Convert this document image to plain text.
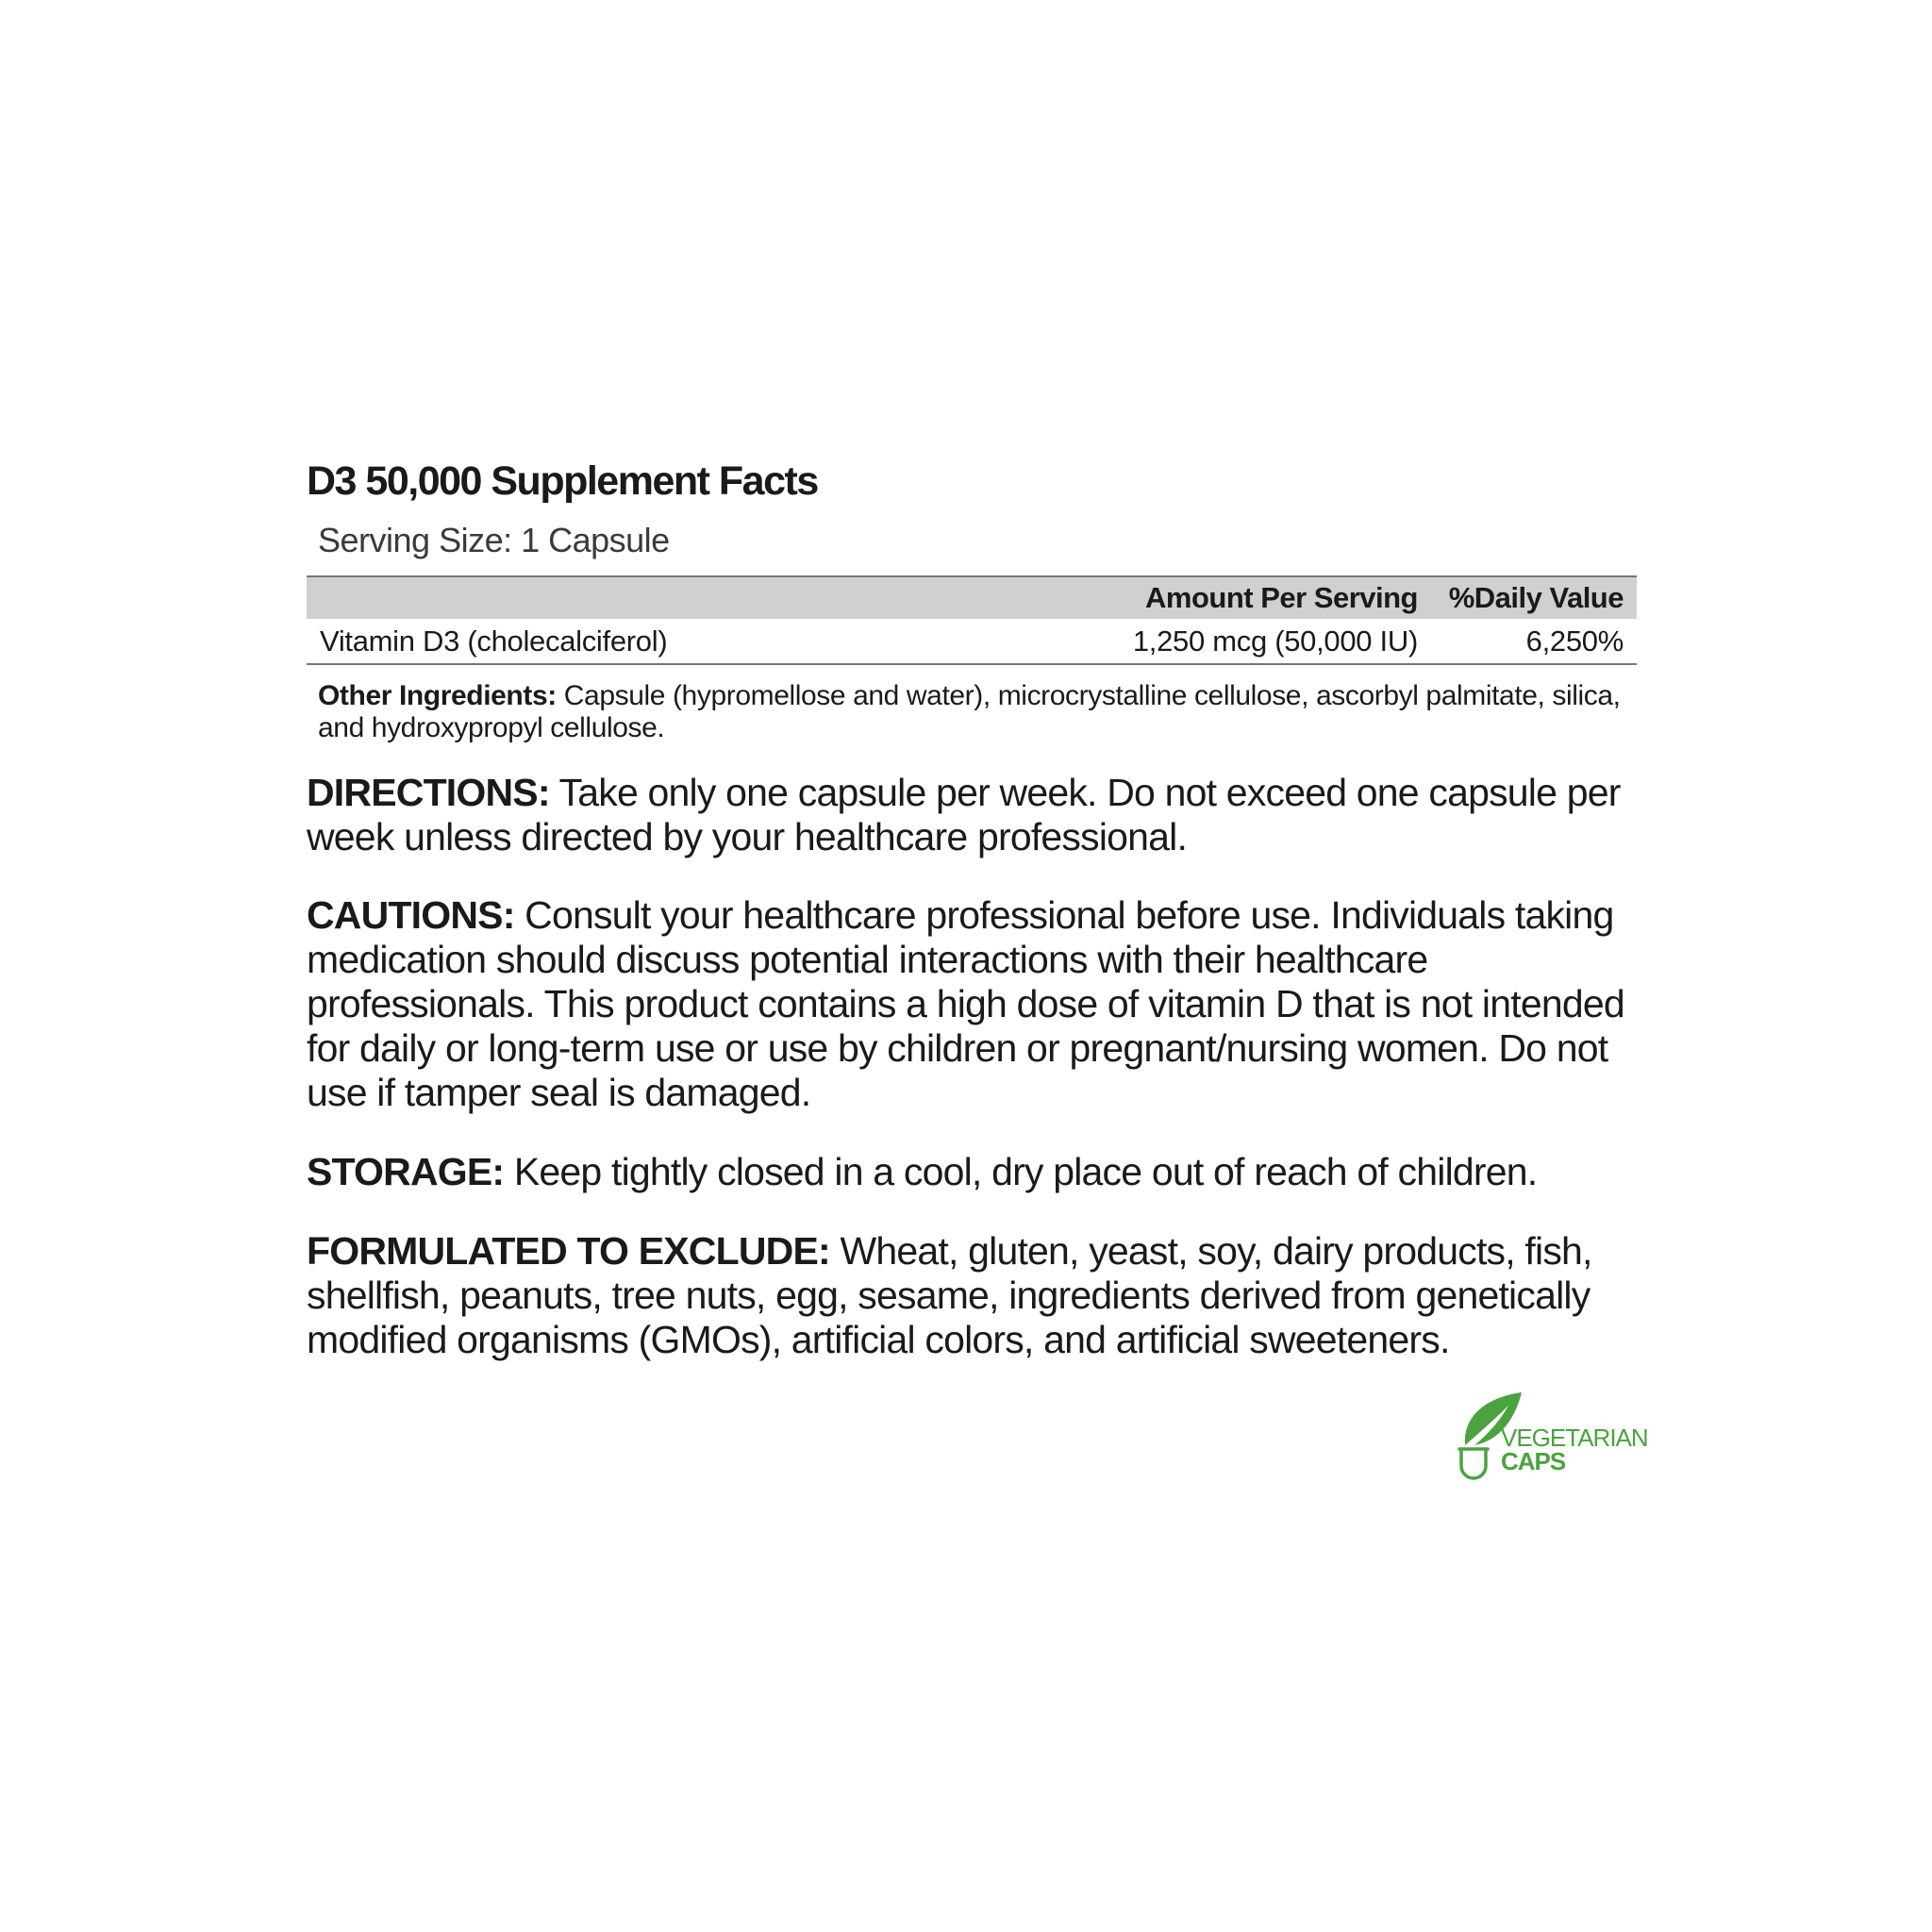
D3 50,000 Supplement Facts
Serving Size: 1 Capsule
	Amount Per Serving	%Daily Value
Vitamin D3 (cholecalciferol)	1,250 mcg (50,000 IU)	6,250%

Other Ingredients: Capsule (hypromellose and water), microcrystalline cellulose, ascorbyl palmitate, silica, and hydroxypropyl cellulose.

DIRECTIONS: Take only one capsule per week. Do not exceed one capsule per week unless directed by your healthcare professional.

CAUTIONS: Consult your healthcare professional before use. Individuals taking medication should discuss potential interactions with their healthcare professionals. This product contains a high dose of vitamin D that is not intended for daily or long-term use or use by children or pregnant/nursing women. Do not use if tamper seal is damaged.

STORAGE: Keep tightly closed in a cool, dry place out of reach of children.

FORMULATED TO EXCLUDE: Wheat, gluten, yeast, soy, dairy products, fish, shellfish, peanuts, tree nuts, egg, sesame, ingredients derived from genetically modified organisms (GMOs), artificial colors, and artificial sweeteners.

VEGETARIAN
CAPS
